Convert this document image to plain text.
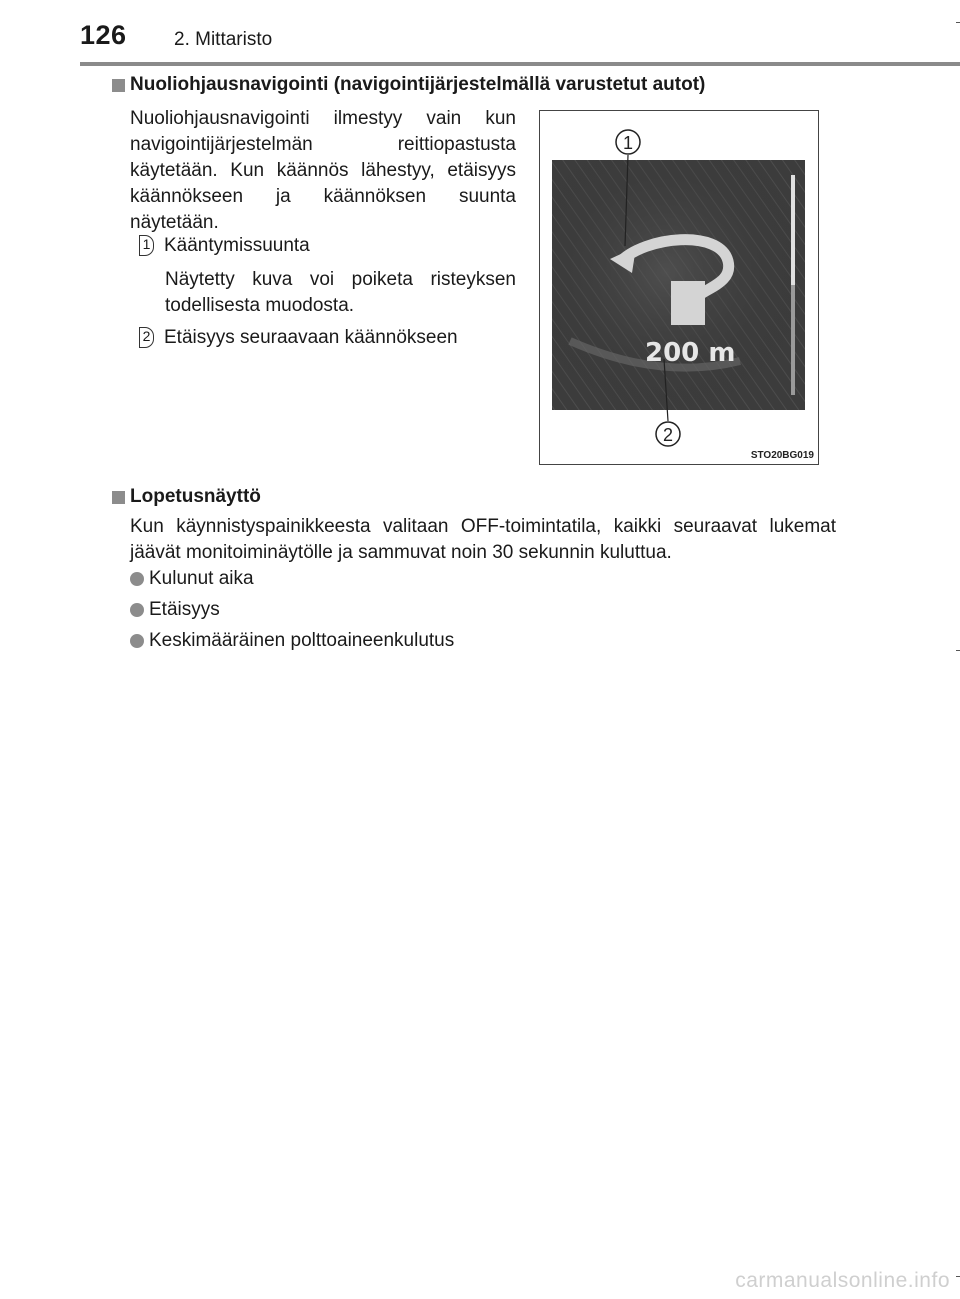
126 2. Mittaristo
Nuoliohjausnavigointi (navigointijärjestelmällä varustetut autot)
Nuoliohjausnavigointi ilmestyy vain kun navigointijärjestelmän reittiopastusta käytetään. Kun käännös lähestyy, etäisyys käännökseen ja käännöksen suunta näytetään.
1 Kääntymissuunta
Näytetty kuva voi poiketa risteyksen todellisesta muodosta.
2 Etäisyys seuraavaan käännökseen
200 m
1
2
STO20BG019
Lopetusnäyttö
Kun käynnistyspainikkeesta valitaan OFF-toimintatila, kaikki seuraavat lukemat jäävät monitoiminäytölle ja sammuvat noin 30 sekunnin kuluttua.
Kulunut aika
Etäisyys
Keskimääräinen polttoaineenkulutus
carmanualsonline.info
